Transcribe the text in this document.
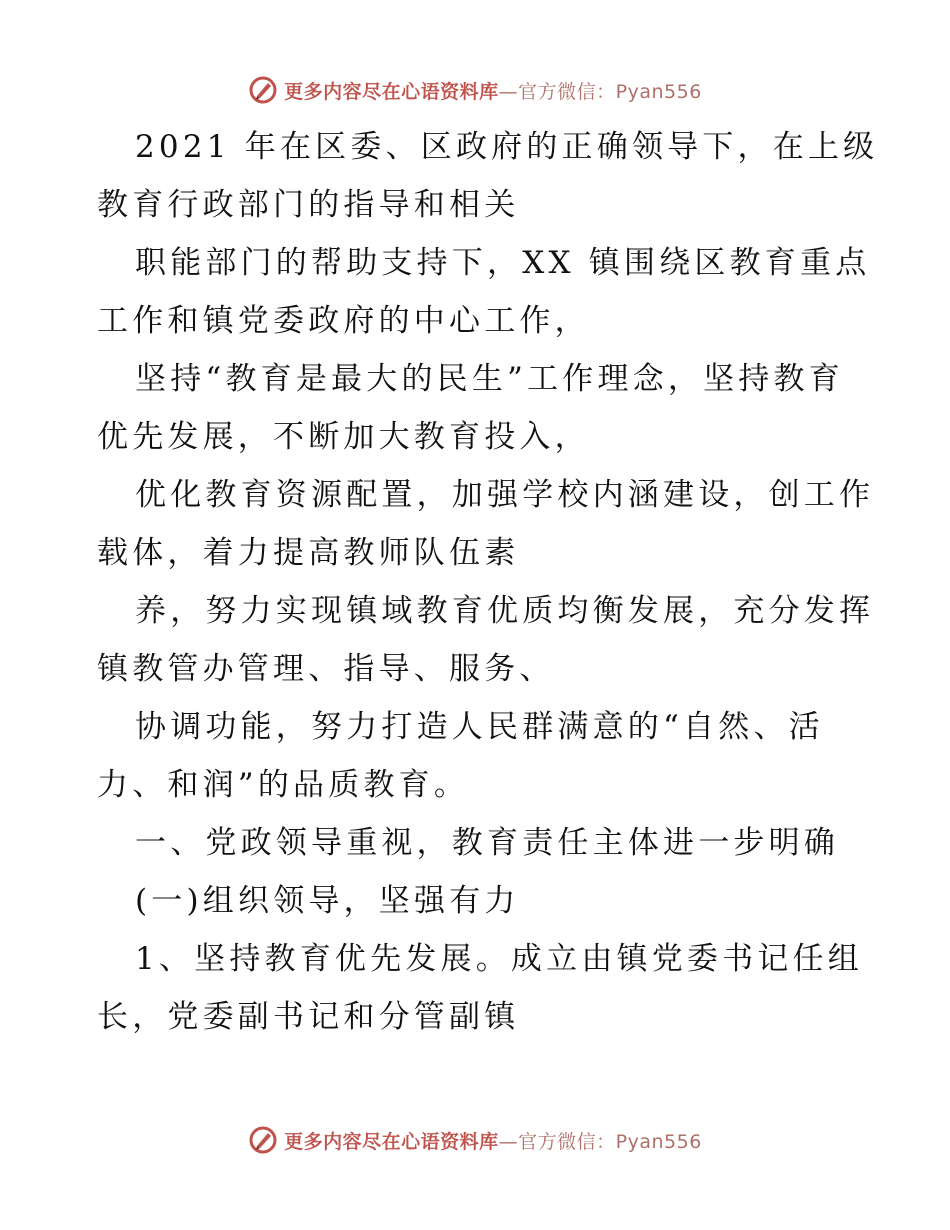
更多内容尽在心语资料库—官方微信：Pyan556
2021 年在区委、区政府的正确领导下，在上级
教育行政部门的指导和相关
职能部门的帮助支持下，XX 镇围绕区教育重点
工作和镇党委政府的中心工作，
坚持“教育是最大的民生”工作理念，坚持教育
优先发展，不断加大教育投入，
优化教育资源配置，加强学校内涵建设，创工作
载体，着力提高教师队伍素
养，努力实现镇域教育优质均衡发展，充分发挥
镇教管办管理、指导、服务、
协调功能，努力打造人民群满意的“自然、活
力、和润”的品质教育。
一、党政领导重视，教育责任主体进一步明确
(一)组织领导，坚强有力
1、坚持教育优先发展。成立由镇党委书记任组
长，党委副书记和分管副镇
更多内容尽在心语资料库—官方微信：Pyan556
